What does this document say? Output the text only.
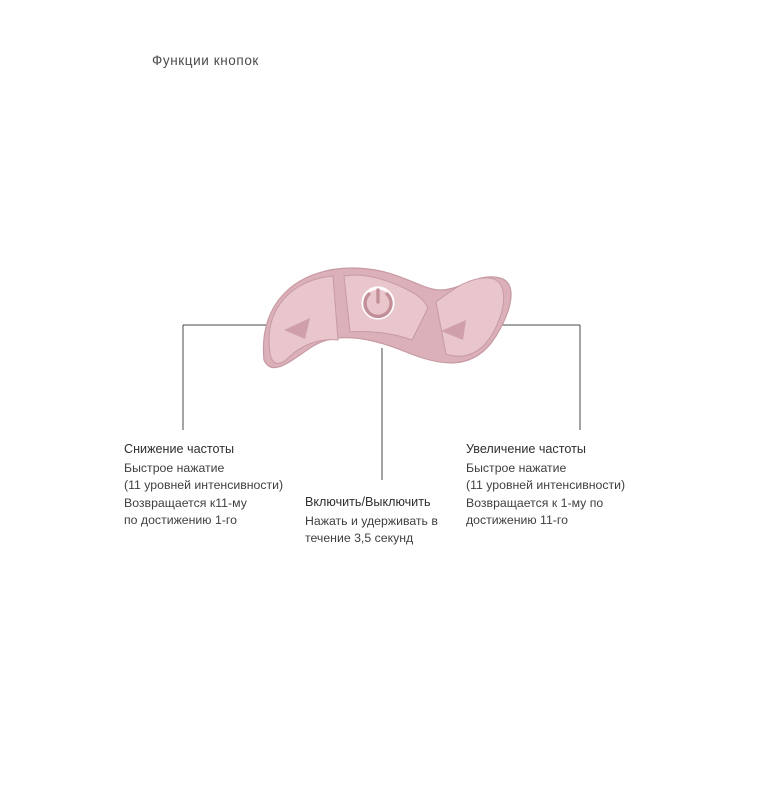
Функции кнопок
Снижение частоты
Быстрое нажатие
(11 уровней интенсивности)
Возвращается к11-му
по достижению 1-го
Включить/Выключить
Нажать и удерживать в
течение 3,5 секунд
Увеличение частоты
Быстрое нажатие
(11 уровней интенсивности)
Возвращается к 1-му по
достижению 11-го
